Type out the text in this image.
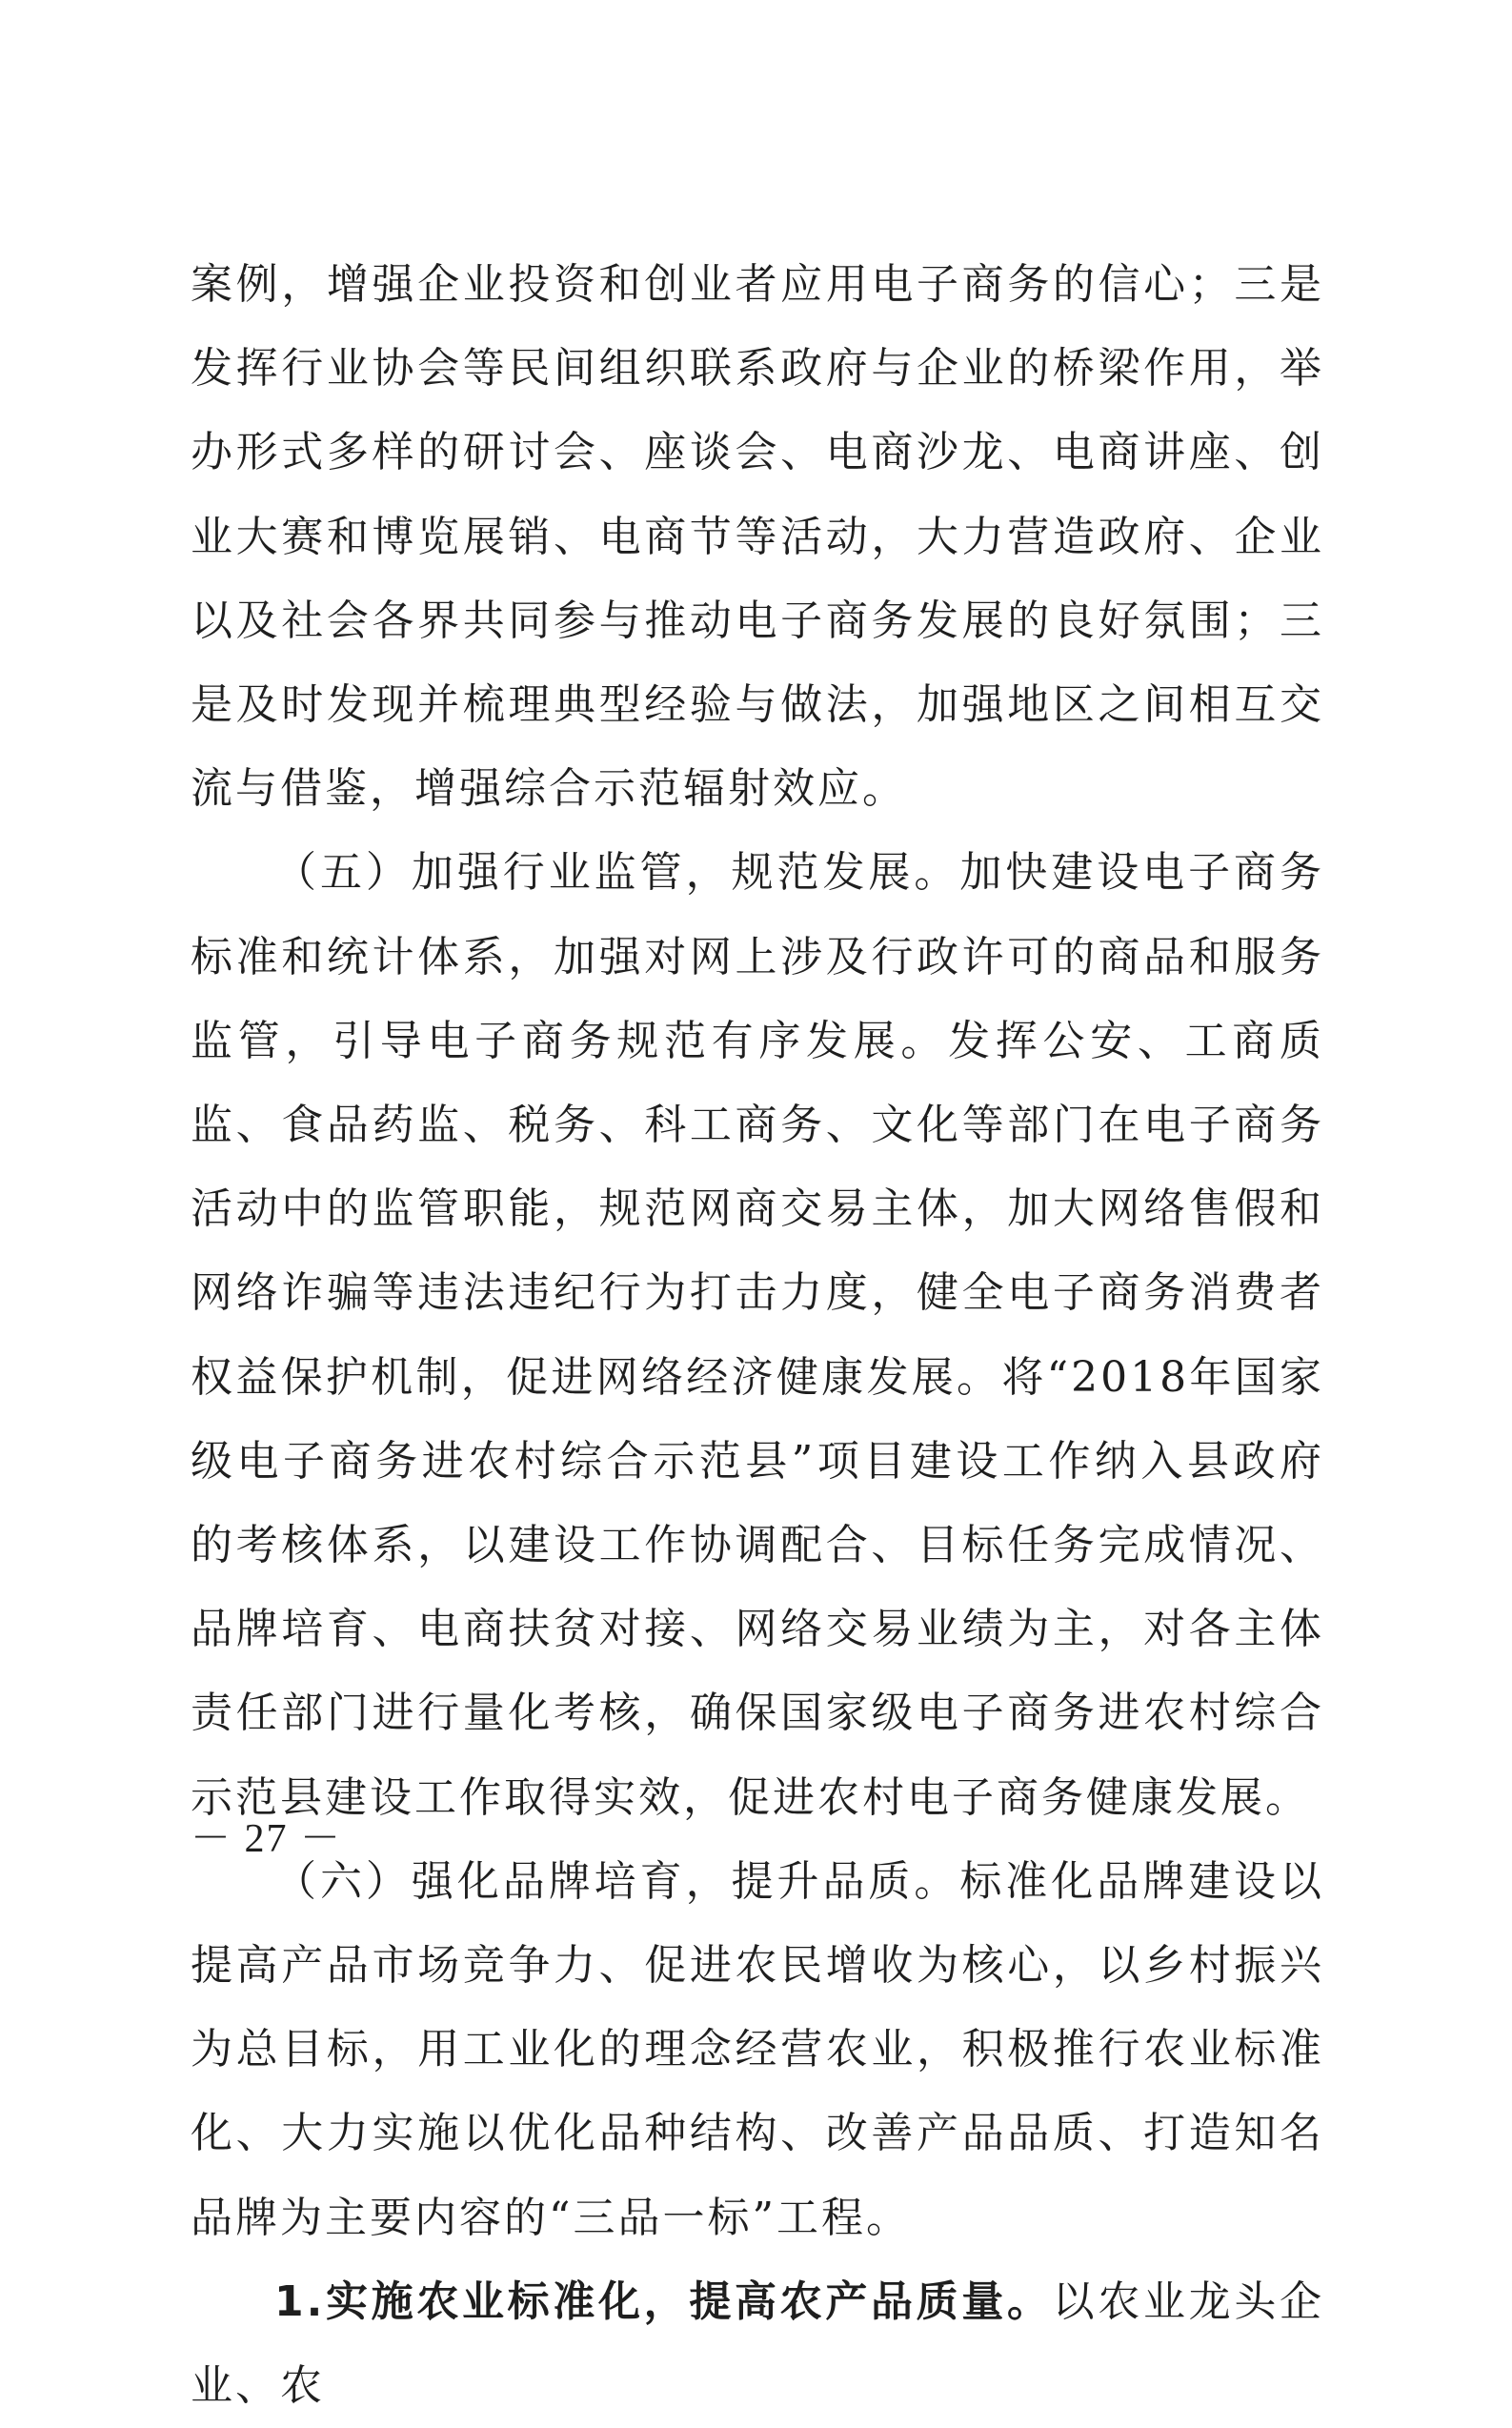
案例，增强企业投资和创业者应用电子商务的信心；三是发挥行业协会等民间组织联系政府与企业的桥梁作用，举办形式多样的研讨会、座谈会、电商沙龙、电商讲座、创业大赛和博览展销、电商节等活动，大力营造政府、企业以及社会各界共同参与推动电子商务发展的良好氛围；三是及时发现并梳理典型经验与做法，加强地区之间相互交流与借鉴，增强综合示范辐射效应。

（五）加强行业监管，规范发展。加快建设电子商务标准和统计体系，加强对网上涉及行政许可的商品和服务监管，引导电子商务规范有序发展。发挥公安、工商质监、食品药监、税务、科工商务、文化等部门在电子商务活动中的监管职能，规范网商交易主体，加大网络售假和网络诈骗等违法违纪行为打击力度，健全电子商务消费者权益保护机制，促进网络经济健康发展。将“2018年国家级电子商务进农村综合示范县”项目建设工作纳入县政府的考核体系，以建设工作协调配合、目标任务完成情况、品牌培育、电商扶贫对接、网络交易业绩为主，对各主体责任部门进行量化考核，确保国家级电子商务进农村综合示范县建设工作取得实效，促进农村电子商务健康发展。

（六）强化品牌培育，提升品质。标准化品牌建设以提高产品市场竞争力、促进农民增收为核心，以乡村振兴为总目标，用工业化的理念经营农业，积极推行农业标准化、大力实施以优化品种结构、改善产品品质、打造知名品牌为主要内容的“三品一标”工程。

1.实施农业标准化，提高农产品质量。以农业龙头企业、农

－ 27 －
